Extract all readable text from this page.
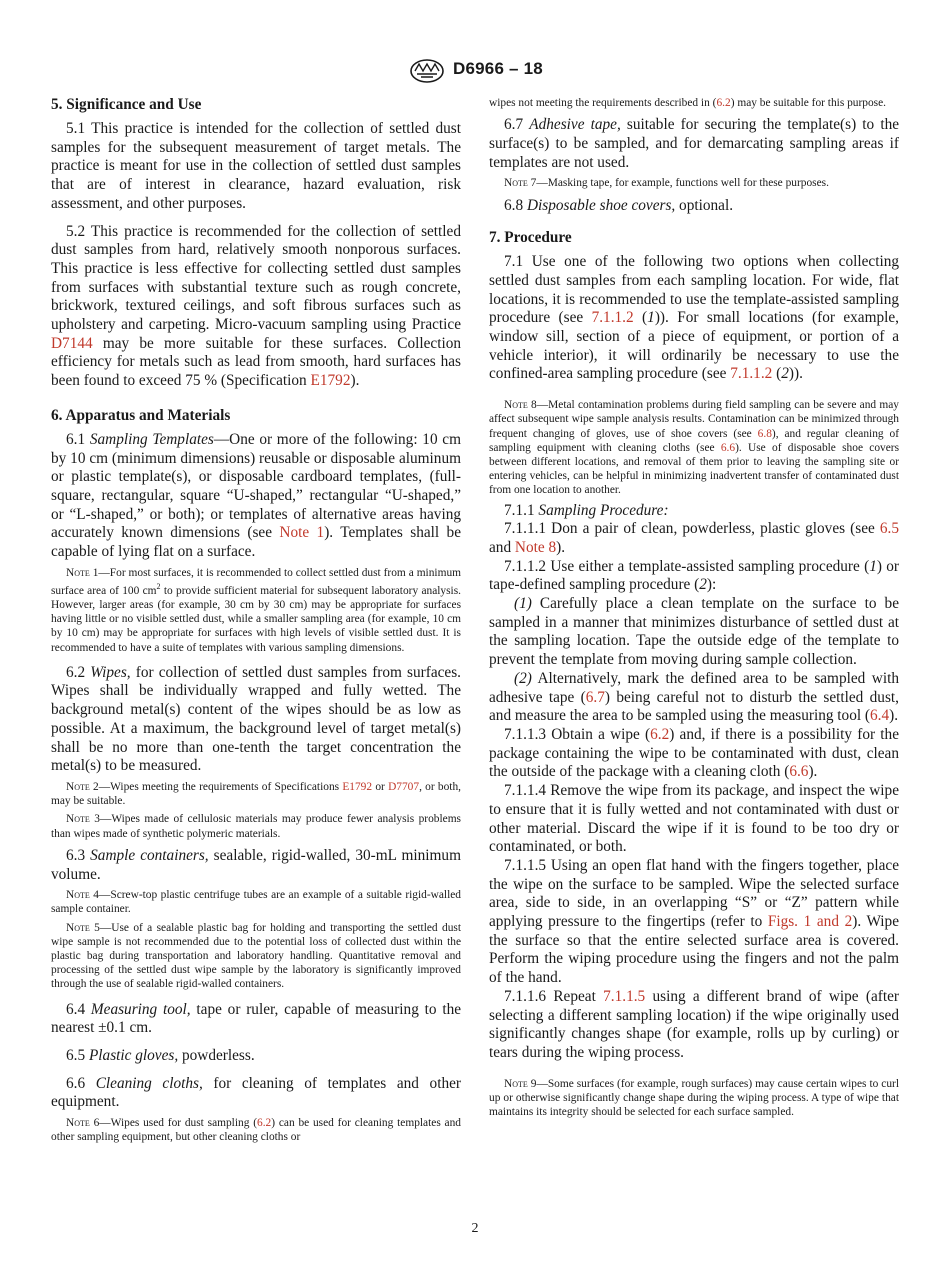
D6966 – 18
5. Significance and Use

5.1 This practice is intended for the collection of settled dust samples for the subsequent measurement of target metals. The practice is meant for use in the collection of settled dust samples that are of interest in clearance, hazard evaluation, risk assessment, and other purposes.

5.2 This practice is recommended for the collection of settled dust samples from hard, relatively smooth nonporous surfaces. This practice is less effective for collecting settled dust samples from surfaces with substantial texture such as rough concrete, brickwork, textured ceilings, and soft fibrous surfaces such as upholstery and carpeting. Micro-vacuum sampling using Practice D7144 may be more suitable for these surfaces. Collection efficiency for metals such as lead from smooth, hard surfaces has been found to exceed 75 % (Specification E1792).

6. Apparatus and Materials

6.1 Sampling Templates—One or more of the following: 10 cm by 10 cm (minimum dimensions) reusable or disposable aluminum or plastic template(s), or disposable cardboard templates, (full-square, rectangular, square “U-shaped,” rectangular “U-shaped,” or “L-shaped,” or both); or templates of alternative areas having accurately known dimensions (see Note 1). Templates shall be capable of lying flat on a surface.

Note 1—For most surfaces, it is recommended to collect settled dust from a minimum surface area of 100 $cm^2$ to provide sufficient material for subsequent laboratory analysis. However, larger areas (for example, 30 cm by 30 cm) may be appropriate for surfaces having little or no visible settled dust, while a smaller sampling area (for example, 10 cm by 10 cm) may be appropriate for surfaces with high levels of visible settled dust. It is recommended to have a suite of templates with various sampling dimensions.

6.2 Wipes, for collection of settled dust samples from surfaces. Wipes shall be individually wrapped and fully wetted. The background metal(s) content of the wipes should be as low as possible. At a maximum, the background level of target metal(s) shall be no more than one-tenth the target concentration the metal(s) to be measured.

Note 2—Wipes meeting the requirements of Specifications E1792 or D7707, or both, may be suitable.

Note 3—Wipes made of cellulosic materials may produce fewer analysis problems than wipes made of synthetic polymeric materials.

6.3 Sample containers, sealable, rigid-walled, 30-mL minimum volume.

Note 4—Screw-top plastic centrifuge tubes are an example of a suitable rigid-walled sample container.

Note 5—Use of a sealable plastic bag for holding and transporting the settled dust wipe sample is not recommended due to the potential loss of collected dust within the plastic bag during transportation and laboratory handling. Quantitative removal and processing of the settled dust wipe sample by the laboratory is significantly improved through the use of sealable rigid-walled containers.

6.4 Measuring tool, tape or ruler, capable of measuring to the nearest ±0.1 cm.

6.5 Plastic gloves, powderless.

6.6 Cleaning cloths, for cleaning of templates and other equipment.

Note 6—Wipes used for dust sampling (6.2) can be used for cleaning templates and other sampling equipment, but other cleaning cloths or

wipes not meeting the requirements described in (6.2) may be suitable for this purpose.

6.7 Adhesive tape, suitable for securing the template(s) to the surface(s) to be sampled, and for demarcating sampling areas if templates are not used.

Note 7—Masking tape, for example, functions well for these purposes.

6.8 Disposable shoe covers, optional.

7. Procedure

7.1 Use one of the following two options when collecting settled dust samples from each sampling location. For wide, flat locations, it is recommended to use the template-assisted sampling procedure (see 7.1.1.2 (1)). For small locations (for example, window sill, section of a piece of equipment, or portion of a vehicle interior), it will ordinarily be necessary to use the confined-area sampling procedure (see 7.1.1.2 (2)).

Note 8—Metal contamination problems during field sampling can be severe and may affect subsequent wipe sample analysis results. Contamination can be minimized through frequent changing of gloves, use of shoe covers (see 6.8), and regular cleaning of sampling equipment with cleaning cloths (see 6.6). Use of disposable shoe covers between different locations, and removal of them prior to leaving the sampling site or entering vehicles, can be helpful in minimizing inadvertent transfer of contaminated dust from one location to another.

7.1.1 Sampling Procedure:

7.1.1.1 Don a pair of clean, powderless, plastic gloves (see 6.5 and Note 8).

7.1.1.2 Use either a template-assisted sampling procedure (1) or tape-defined sampling procedure (2):

(1) Carefully place a clean template on the surface to be sampled in a manner that minimizes disturbance of settled dust at the sampling location. Tape the outside edge of the template to prevent the template from moving during sample collection.

(2) Alternatively, mark the defined area to be sampled with adhesive tape (6.7) being careful not to disturb the settled dust, and measure the area to be sampled using the measuring tool (6.4).

7.1.1.3 Obtain a wipe (6.2) and, if there is a possibility for the package containing the wipe to be contaminated with dust, clean the outside of the package with a cleaning cloth (6.6).

7.1.1.4 Remove the wipe from its package, and inspect the wipe to ensure that it is fully wetted and not contaminated with dust or other material. Discard the wipe if it is found to be too dry or contaminated, or both.

7.1.1.5 Using an open flat hand with the fingers together, place the wipe on the surface to be sampled. Wipe the selected surface area, side to side, in an overlapping “S” or “Z” pattern while applying pressure to the fingertips (refer to Figs. 1 and 2). Wipe the surface so that the entire selected surface area is covered. Perform the wiping procedure using the fingers and not the palm of the hand.

7.1.1.6 Repeat 7.1.1.5 using a different brand of wipe (after selecting a different sampling location) if the wipe originally used significantly changes shape (for example, rolls up by curling) or tears during the wiping process.

Note 9—Some surfaces (for example, rough surfaces) may cause certain wipes to curl up or otherwise significantly change shape during the wiping process. A type of wipe that maintains its integrity should be selected for each surface sampled.

2
